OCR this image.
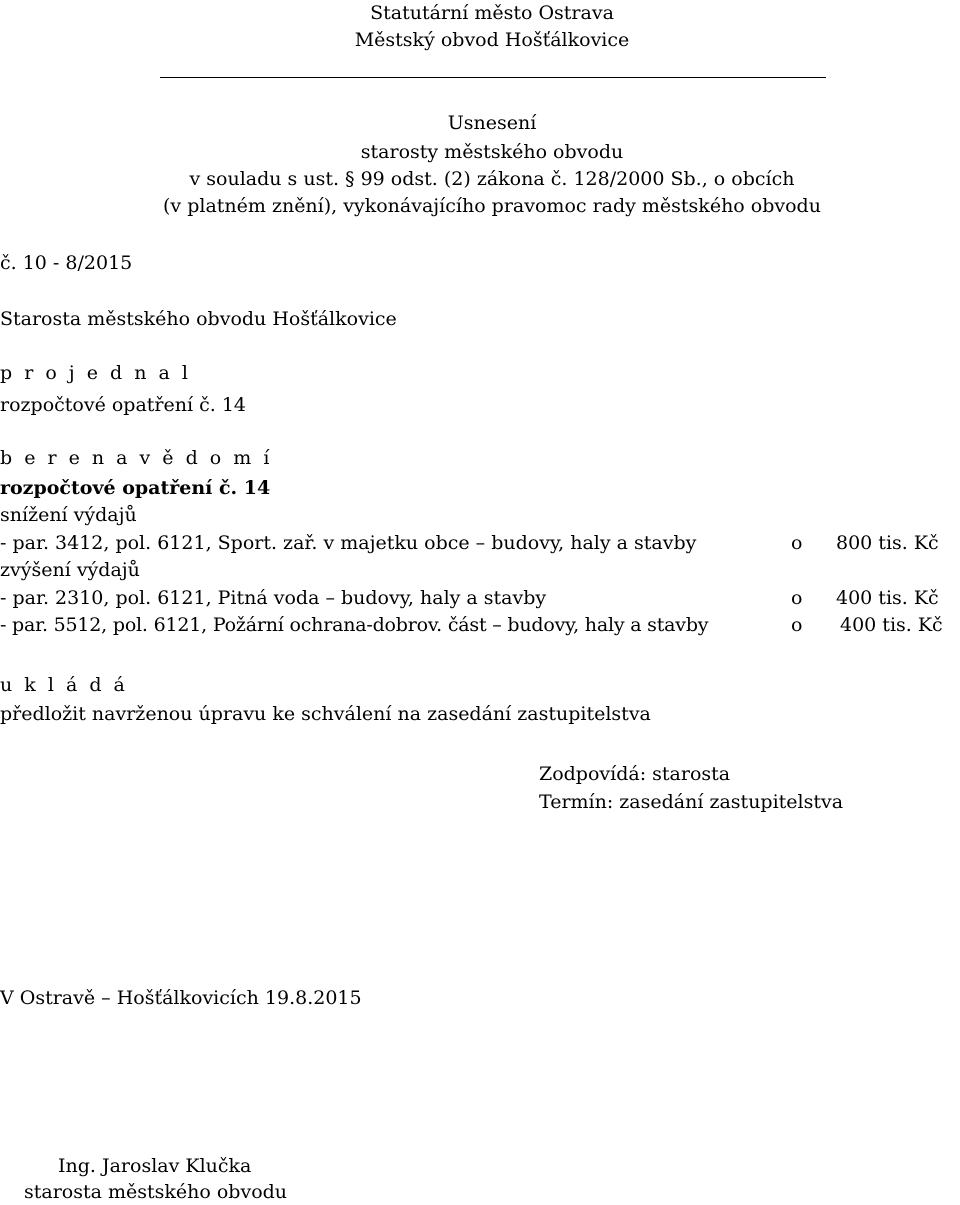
Statutární město Ostrava
Městský obvod Hošťálkovice
Usnesení
starosty městského obvodu
v souladu s ust. § 99 odst. (2) zákona č. 128/2000 Sb., o obcích
(v platném znění), vykonávajícího pravomoc rady městského obvodu
č. 10 - 8/2015
Starosta městského obvodu Hošťálkovice
p r o j e d n a l
rozpočtové opatření č. 14
b e r e n a v ě d o m í
rozpočtové opatření č. 14
snížení výdajů
- par. 3412, pol. 6121, Sport. zař. v majetku obce – budovy, haly a stavby	o 800 tis. Kč
zvýšení výdajů
- par. 2310, pol. 6121, Pitná voda – budovy, haly a stavby	o 400 tis. Kč
- par. 5512, pol. 6121, Požární ochrana-dobrov. část – budovy, haly a stavby	o 400 tis. Kč
u k l á d á
předložit navrženou úpravu ke schválení na zasedání zastupitelstva
Zodpovídá: starosta
Termín: zasedání zastupitelstva
V Ostravě – Hošťálkovicích 19.8.2015
Ing. Jaroslav Klučka
starosta městského obvodu
